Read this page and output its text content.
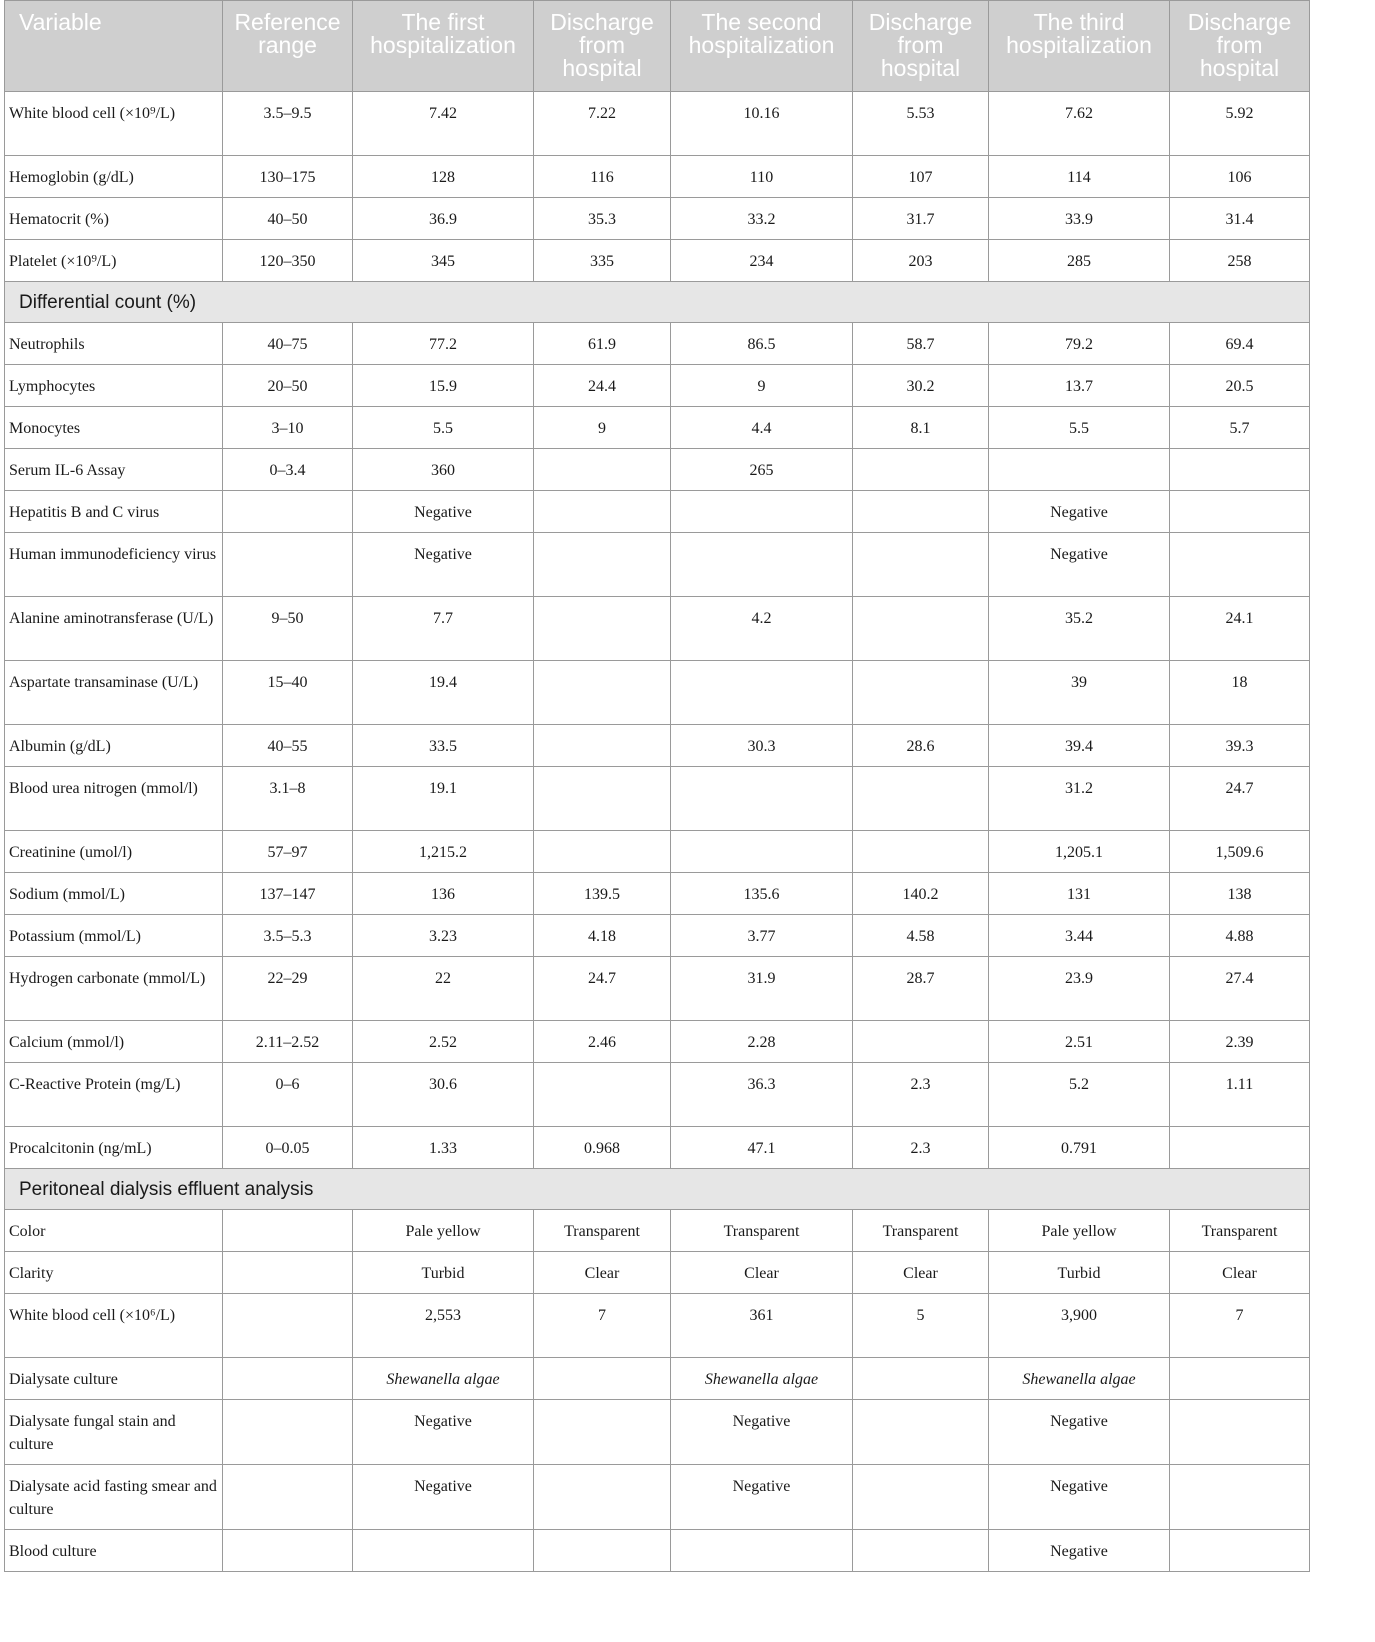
Variable	Reference range	The first hospitalization	Discharge from hospital	The second hospitalization	Discharge from hospital	The third hospitalization	Discharge from hospital
White blood cell (×10⁹/L)	3.5–9.5	7.42	7.22	10.16	5.53	7.62	5.92
Hemoglobin (g/dL)	130–175	128	116	110	107	114	106
Hematocrit (%)	40–50	36.9	35.3	33.2	31.7	33.9	31.4
Platelet (×10⁹/L)	120–350	345	335	234	203	285	258
Differential count (%)							
Neutrophils	40–75	77.2	61.9	86.5	58.7	79.2	69.4
Lymphocytes	20–50	15.9	24.4	9	30.2	13.7	20.5
Monocytes	3–10	5.5	9	4.4	8.1	5.5	5.7
Serum IL-6 Assay	0–3.4	360		265			
Hepatitis B and C virus		Negative				Negative	
Human immunodeficiency virus		Negative				Negative	
Alanine aminotransferase (U/L)	9–50	7.7		4.2		35.2	24.1
Aspartate transaminase (U/L)	15–40	19.4				39	18
Albumin (g/dL)	40–55	33.5		30.3	28.6	39.4	39.3
Blood urea nitrogen (mmol/l)	3.1–8	19.1				31.2	24.7
Creatinine (umol/l)	57–97	1,215.2				1,205.1	1,509.6
Sodium (mmol/L)	137–147	136	139.5	135.6	140.2	131	138
Potassium (mmol/L)	3.5–5.3	3.23	4.18	3.77	4.58	3.44	4.88
Hydrogen carbonate (mmol/L)	22–29	22	24.7	31.9	28.7	23.9	27.4
Calcium (mmol/l)	2.11–2.52	2.52	2.46	2.28		2.51	2.39
C-Reactive Protein (mg/L)	0–6	30.6		36.3	2.3	5.2	1.11
Procalcitonin (ng/mL)	0–0.05	1.33	0.968	47.1	2.3	0.791	
Peritoneal dialysis effluent analysis							
Color		Pale yellow	Transparent	Transparent	Transparent	Pale yellow	Transparent
Clarity		Turbid	Clear	Clear	Clear	Turbid	Clear
White blood cell (×10⁶/L)		2,553	7	361	5	3,900	7
Dialysate culture		Shewanella algae		Shewanella algae		Shewanella algae	
Dialysate fungal stain and culture		Negative		Negative		Negative	
Dialysate acid fasting smear and culture		Negative		Negative		Negative	
Blood culture						Negative	
